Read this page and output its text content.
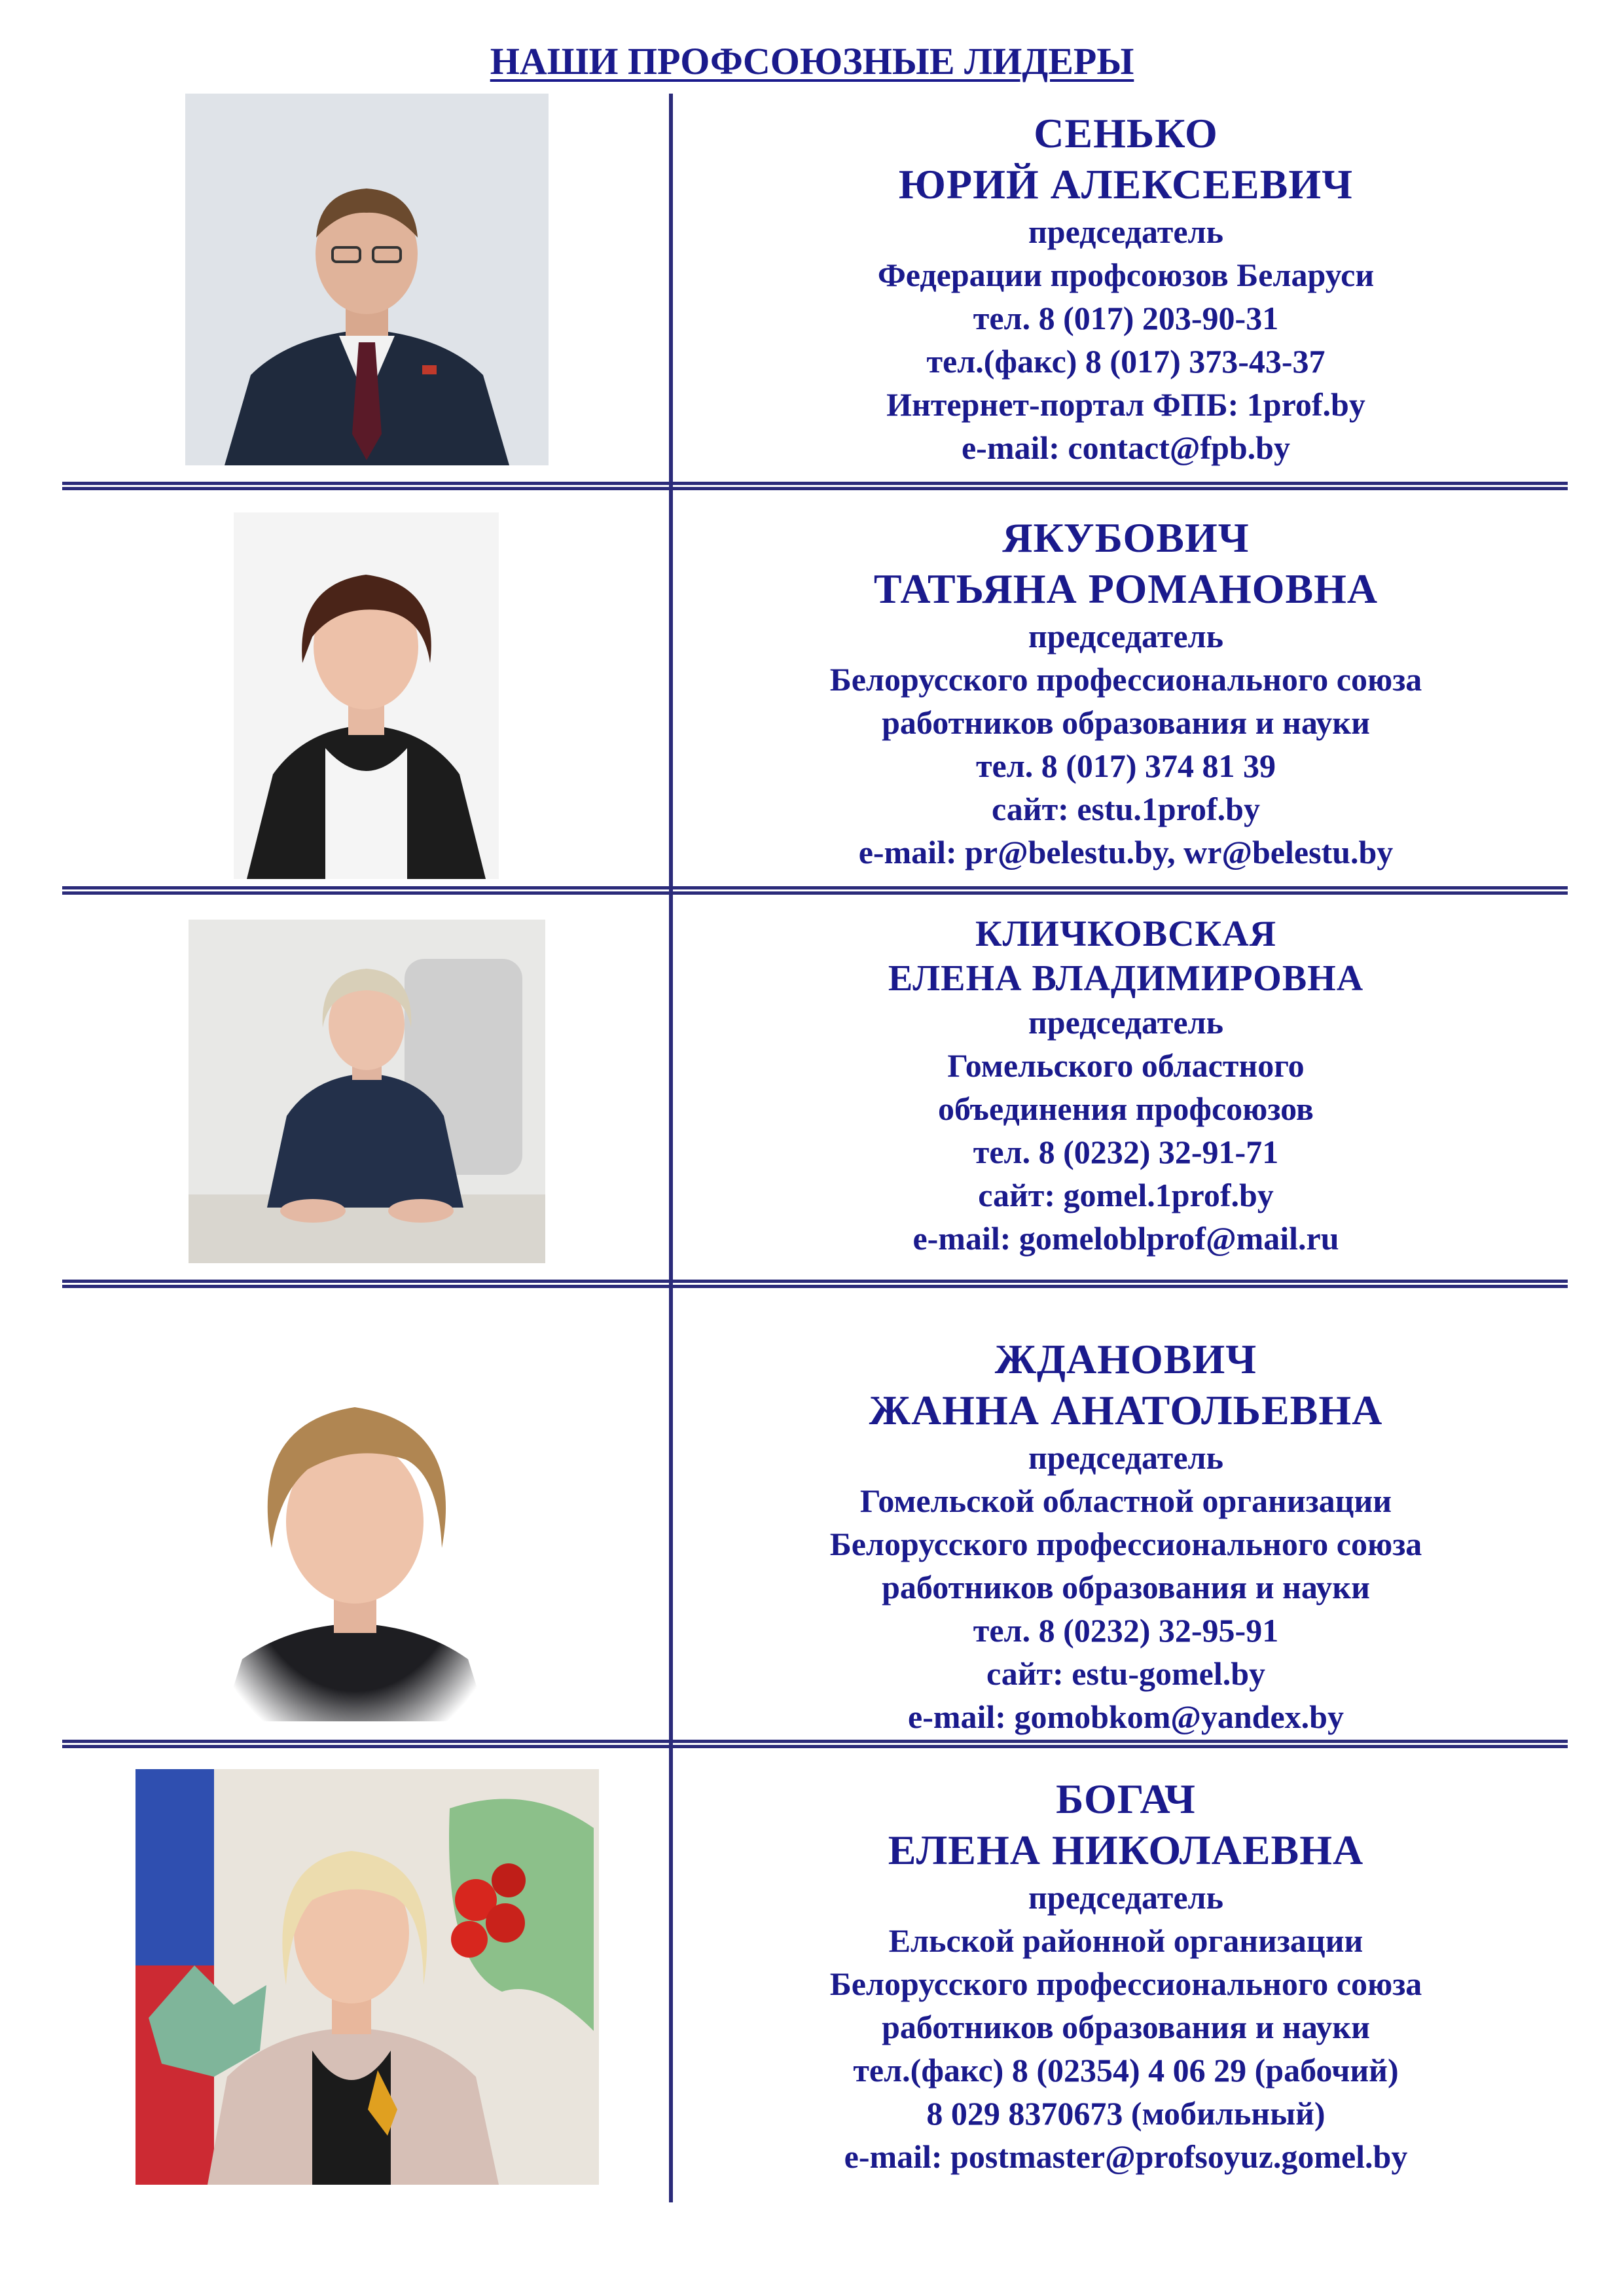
НАШИ ПРОФСОЮЗНЫЕ ЛИДЕРЫ
СЕНЬКО
ЮРИЙ АЛЕКСЕЕВИЧ
председатель
Федерации профсоюзов Беларуси
тел. 8 (017) 203-90-31
тел.(факс) 8 (017) 373-43-37
Интернет-портал ФПБ: 1prof.by
e-mail: contact@fpb.by
ЯКУБОВИЧ
ТАТЬЯНА РОМАНОВНА
председатель
Белорусского профессионального союза
работников образования и науки
тел. 8 (017) 374 81 39
сайт: estu.1prof.by
e-mail: pr@belestu.by, wr@belestu.by
КЛИЧКОВСКАЯ
ЕЛЕНА ВЛАДИМИРОВНА
председатель
Гомельского областного
объединения профсоюзов
тел. 8 (0232) 32-91-71
сайт: gomel.1prof.by
e-mail: gomeloblprof@mail.ru
ЖДАНОВИЧ
ЖАННА АНАТОЛЬЕВНА
председатель
Гомельской областной организации
Белорусского профессионального союза
работников образования и науки
тел. 8 (0232) 32-95-91
сайт: estu-gomel.by
e-mail: gomobkom@yandex.by
БОГАЧ
ЕЛЕНА НИКОЛАЕВНА
председатель
Ельской районной организации
Белорусского профессионального союза
работников образования и науки
тел.(факс) 8 (02354) 4 06 29 (рабочий)
8 029 8370673 (мобильный)
e-mail: postmaster@profsoyuz.gomel.by
